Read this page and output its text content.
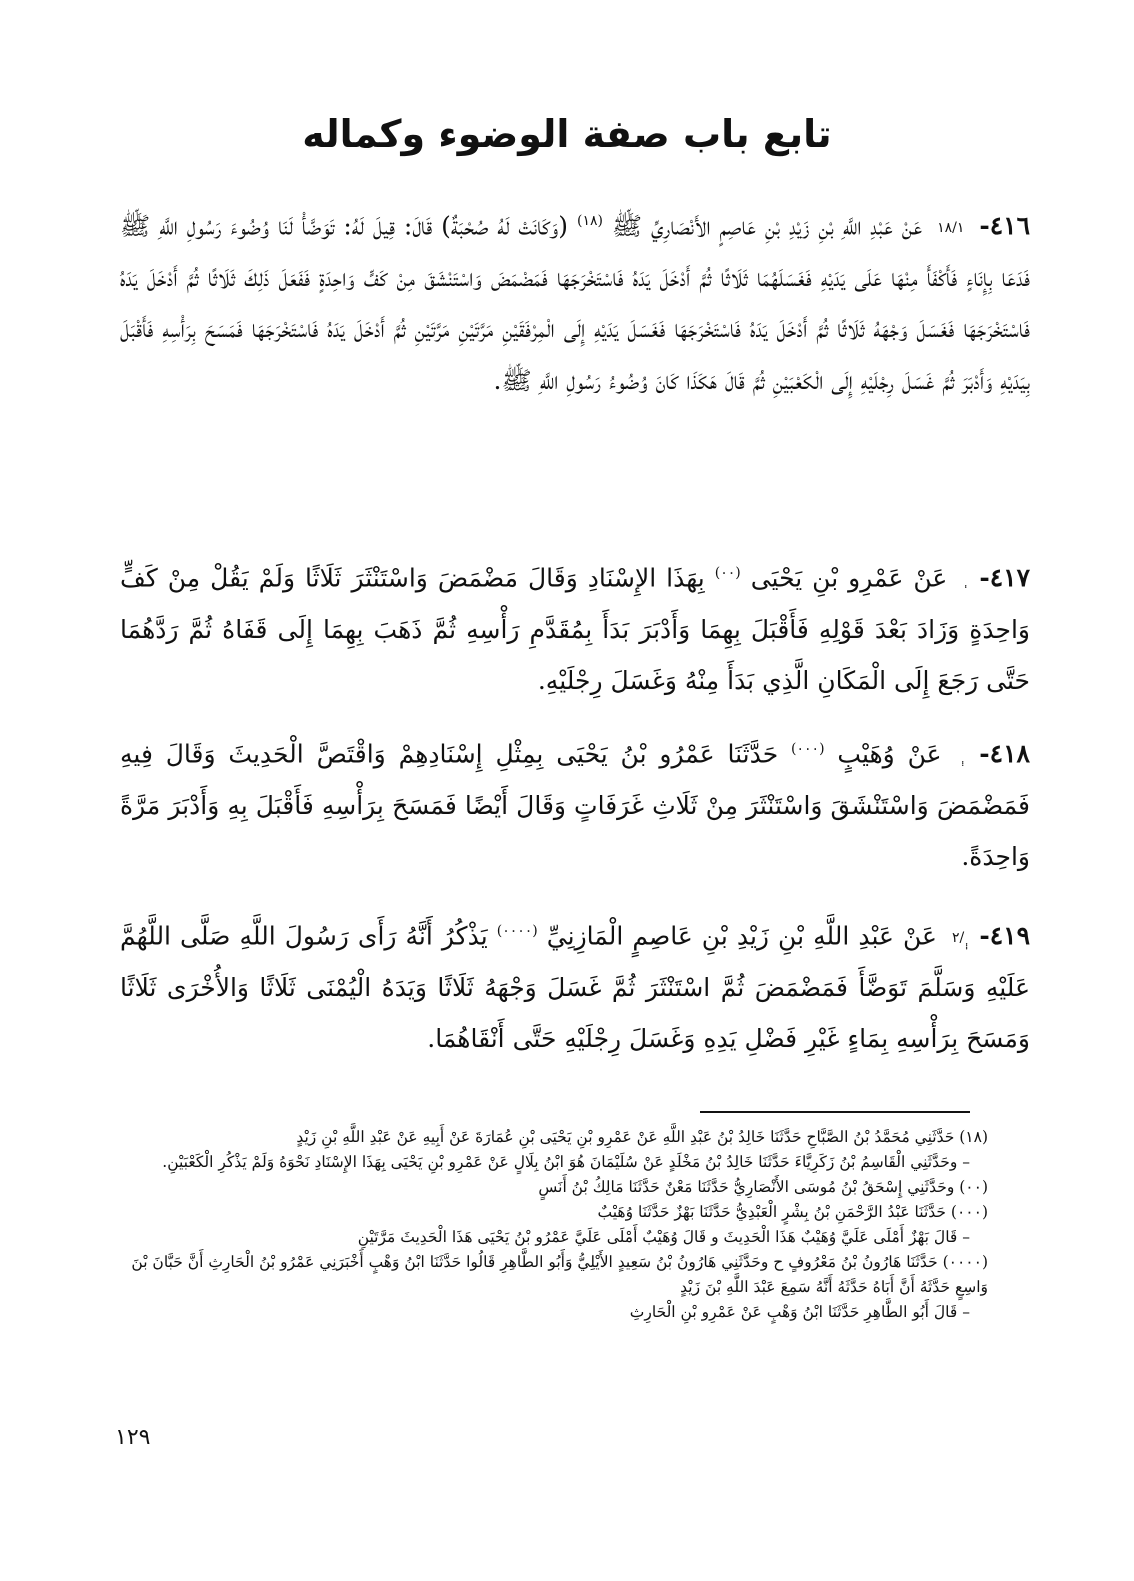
تابع باب صفة الوضوء وكماله

٤١٦- ١٨/١ عَنْ عَبْدِ اللَّهِ بْنِ زَيْدِ بْنِ عَاصِمٍ الأَنْصَارِيِّ ﷺ $^{(١٨)}$ (وَكَانَتْ لَهُ صُحْبَةٌ) قَالَ: قِيلَ لَهُ: تَوَضَّأْ لَنَا وُضُوءَ رَسُولِ اللَّهِ ﷺ فَدَعَا بِإِنَاءٍ فَأَكْفَأَ مِنْهَا عَلَى يَدَيْهِ فَغَسَلَهُمَا ثَلَاثًا ثُمَّ أَدْخَلَ يَدَهُ فَاسْتَخْرَجَهَا فَمَضْمَضَ وَاسْتَنْشَقَ مِنْ كَفٍّ وَاحِدَةٍ فَفَعَلَ ذَلِكَ ثَلَاثًا ثُمَّ أَدْخَلَ يَدَهُ فَاسْتَخْرَجَهَا فَغَسَلَ وَجْهَهُ ثَلَاثًا ثُمَّ أَدْخَلَ يَدَهُ فَاسْتَخْرَجَهَا فَغَسَلَ يَدَيْهِ إِلَى الْمِرْفَقَيْنِ مَرَّتَيْنِ مَرَّتَيْنِ ثُمَّ أَدْخَلَ يَدَهُ فَاسْتَخْرَجَهَا فَمَسَحَ بِرَأْسِهِ فَأَقْبَلَ بِيَدَيْهِ وَأَدْبَرَ ثُمَّ غَسَلَ رِجْلَيْهِ إِلَى الْكَعْبَيْنِ ثُمَّ قَالَ هَكَذَا كَانَ وُضُوءُ رَسُولِ اللَّهِ ﷺ.

٤١٧-  عَنْ عَمْرِو بْنِ يَحْيَى $^{(٠٠)}$ بِهَذَا الإِسْنَادِ وَقَالَ مَضْمَضَ وَاسْتَنْثَرَ ثَلَاثًا وَلَمْ يَقُلْ مِنْ كَفٍّ وَاحِدَةٍ وَزَادَ بَعْدَ قَوْلِهِ فَأَقْبَلَ بِهِمَا وَأَدْبَرَ بَدَأَ بِمُقَدَّمِ رَأْسِهِ ثُمَّ ذَهَبَ بِهِمَا إِلَى قَفَاهُ ثُمَّ رَدَّهُمَا حَتَّى رَجَعَ إِلَى الْمَكَانِ الَّذِي بَدَأَ مِنْهُ وَغَسَلَ رِجْلَيْهِ.

٤١٨-  عَنْ وُهَيْبٍ $^{(٠٠٠)}$ حَدَّثَنَا عَمْرُو بْنُ يَحْيَى بِمِثْلِ إِسْنَادِهِمْ وَاقْتَصَّ الْحَدِيثَ وَقَالَ فِيهِ فَمَضْمَضَ وَاسْتَنْشَقَ وَاسْتَنْثَرَ مِنْ ثَلَاثِ غَرَفَاتٍ وَقَالَ أَيْضًا فَمَسَحَ بِرَأْسِهِ فَأَقْبَلَ بِهِ وَأَدْبَرَ مَرَّةً وَاحِدَةً.

٤١٩- ٜٜٜٜ/٢ عَنْ عَبْدِ اللَّهِ بْنِ زَيْدِ بْنِ عَاصِمٍ الْمَازِنِيِّ $^{(٠٠٠٠)}$ يَذْكُرُ أَنَّهُ رَأَى رَسُولَ اللَّهِ صَلَّى اللَّهُمَّ عَلَيْهِ وَسَلَّمَ تَوَضَّأَ فَمَضْمَضَ ثُمَّ اسْتَنْثَرَ ثُمَّ غَسَلَ وَجْهَهُ ثَلَاثًا وَيَدَهُ الْيُمْنَى ثَلَاثًا وَالأُخْرَى ثَلَاثًا وَمَسَحَ بِرَأْسِهِ بِمَاءٍ غَيْرِ فَضْلِ يَدِهِ وَغَسَلَ رِجْلَيْهِ حَتَّى أَنْقَاهُمَا.

(١٨) حَدَّثَنِي مُحَمَّدُ بْنُ الصَّبَّاحِ حَدَّثَنَا خَالِدُ بْنُ عَبْدِ اللَّهِ عَنْ عَمْرِو بْنِ يَحْيَى بْنِ عُمَارَةَ عَنْ أَبِيهِ عَنْ عَبْدِ اللَّهِ بْنِ زَيْدٍ

– وحَدَّثَنِي الْقَاسِمُ بْنُ زَكَرِيَّاءَ حَدَّثَنَا خَالِدُ بْنُ مَخْلَدٍ عَنْ سُلَيْمَانَ هُوَ ابْنُ بِلَالٍ عَنْ عَمْرِو بْنِ يَحْيَى بِهَذَا الإِسْنَادِ نَحْوَهُ وَلَمْ يَذْكُرِ الْكَعْبَيْنِ.

(٠٠) وحَدَّثَنِي إِسْحَقُ بْنُ مُوسَى الأَنْصَارِيُّ حَدَّثَنَا مَعْنٌ حَدَّثَنَا مَالِكُ بْنُ أَنَسٍ

(٠٠٠) حَدَّثَنَا عَبْدُ الرَّحْمَنِ بْنُ بِشْرٍ الْعَبْدِيُّ حَدَّثَنَا بَهْزٌ حَدَّثَنَا وُهَيْبٌ

– قَالَ بَهْزٌ أَمْلَى عَلَيَّ وُهَيْبٌ هَذَا الْحَدِيثَ و قَالَ وُهَيْبٌ أَمْلَى عَلَيَّ عَمْرُو بْنُ يَحْيَى هَذَا الْحَدِيثَ مَرَّتَيْنِ

(٠٠٠٠) حَدَّثَنَا هَارُونُ بْنُ مَعْرُوفٍ ح وحَدَّثَنِي هَارُونُ بْنُ سَعِيدٍ الأَيْلِيُّ وَأَبُو الطَّاهِرِ قَالُوا حَدَّثَنَا ابْنُ وَهْبٍ أَخْبَرَنِي عَمْرُو بْنُ الْحَارِثِ أَنَّ حَبَّانَ بْنَ وَاسِعٍ حَدَّثَهُ أَنَّ أَبَاهُ حَدَّثَهُ أَنَّهُ سَمِعَ عَبْدَ اللَّهِ بْنَ زَيْدٍ

– قَالَ أَبُو الطَّاهِرِ حَدَّثَنَا ابْنُ وَهْبٍ عَنْ عَمْرِو بْنِ الْحَارِثِ

١٢٩
